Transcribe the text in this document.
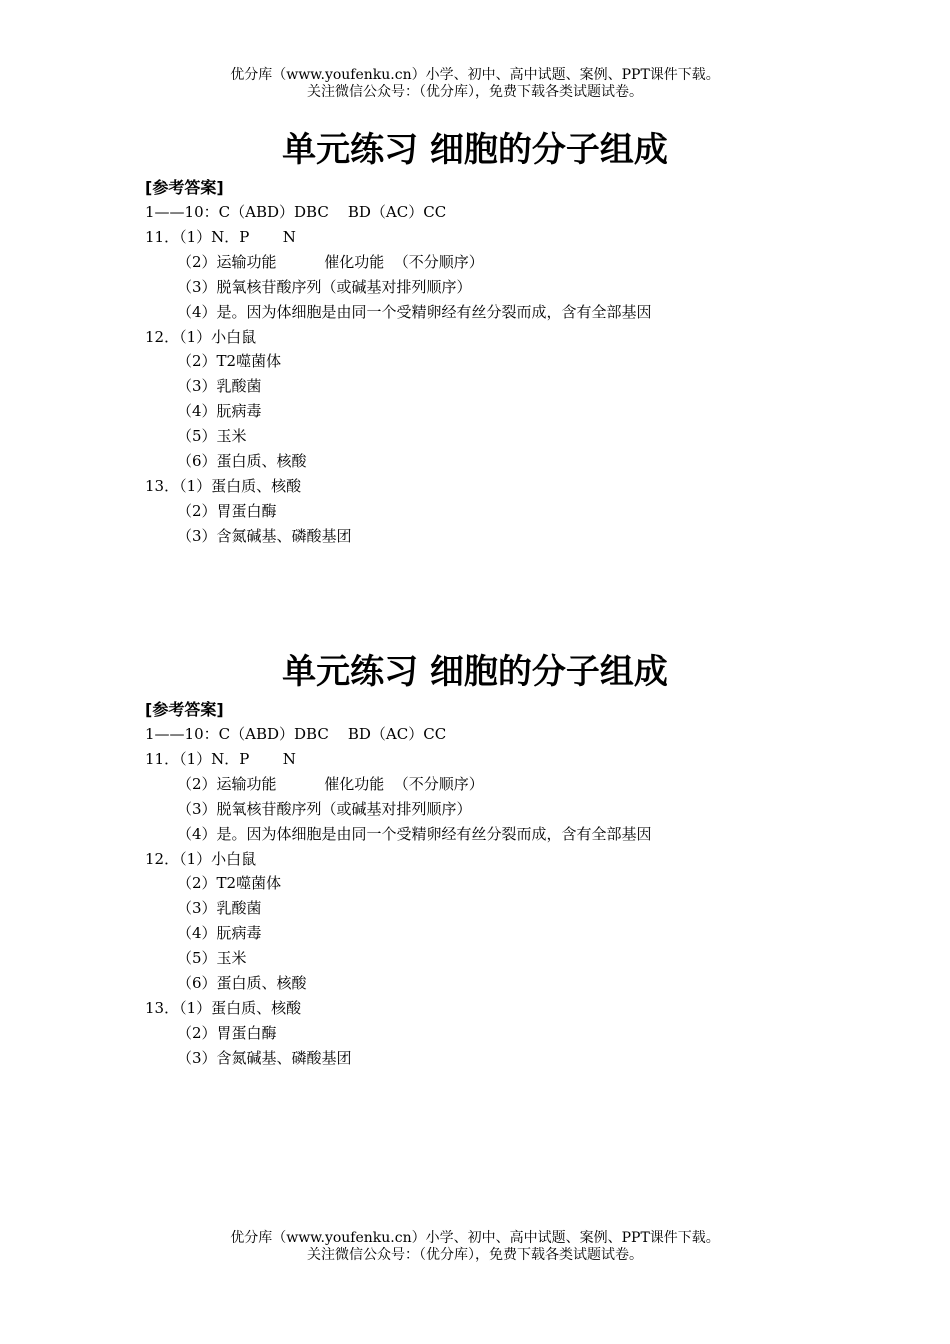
优分库（www.youfenku.cn）小学、初中、高中试题、案例、PPT课件下载。
关注微信公众号：（优分库），免费下载各类试题试卷。
单元练习 细胞的分子组成
[参考答案]
1——10：C（ABD）DBC    BD（AC）CC
11．（1）N．P       N
（2）运输功能          催化功能  （不分顺序）
（3）脱氧核苷酸序列（或碱基对排列顺序）
（4）是。因为体细胞是由同一个受精卵经有丝分裂而成，含有全部基因
12．（1）小白鼠
（2）T2噬菌体
（3）乳酸菌
（4）朊病毒
（5）玉米
（6）蛋白质、核酸
13．（1）蛋白质、核酸
（2）胃蛋白酶
（3）含氮碱基、磷酸基团
单元练习 细胞的分子组成
[参考答案]
1——10：C（ABD）DBC    BD（AC）CC
11．（1）N．P       N
（2）运输功能          催化功能  （不分顺序）
（3）脱氧核苷酸序列（或碱基对排列顺序）
（4）是。因为体细胞是由同一个受精卵经有丝分裂而成，含有全部基因
12．（1）小白鼠
（2）T2噬菌体
（3）乳酸菌
（4）朊病毒
（5）玉米
（6）蛋白质、核酸
13．（1）蛋白质、核酸
（2）胃蛋白酶
（3）含氮碱基、磷酸基团
优分库（www.youfenku.cn）小学、初中、高中试题、案例、PPT课件下载。
关注微信公众号：（优分库），免费下载各类试题试卷。
